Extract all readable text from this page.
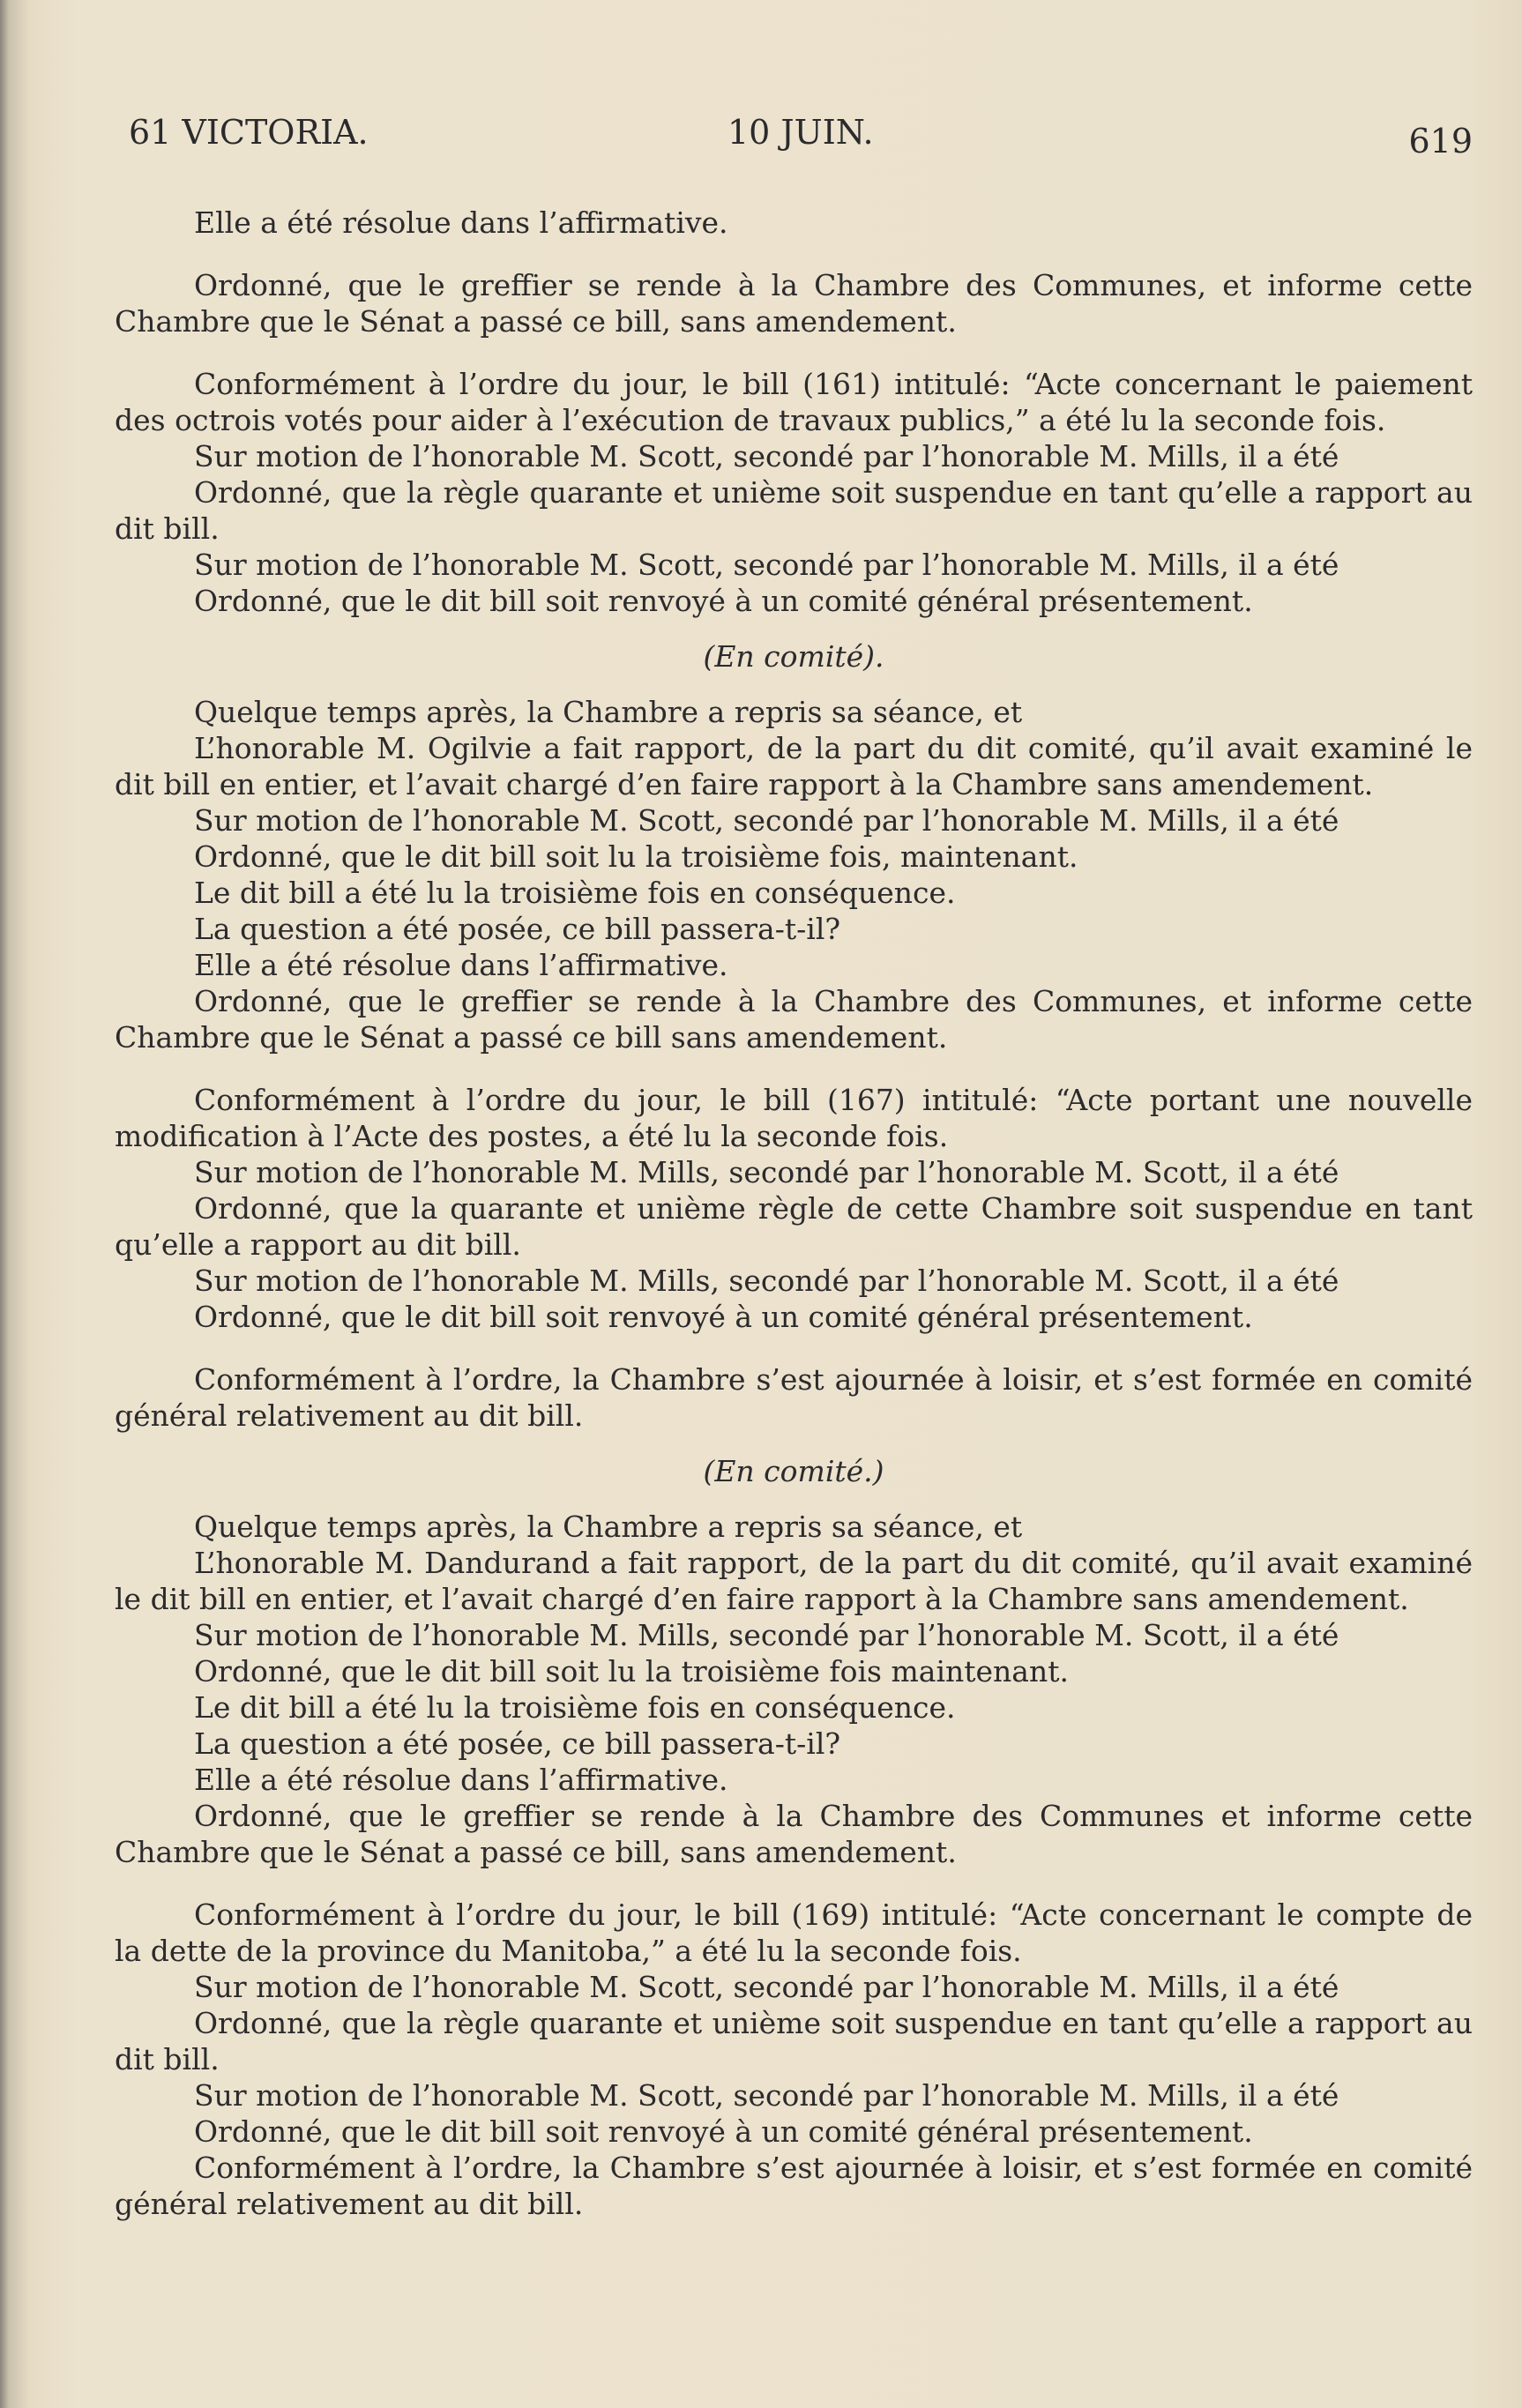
61 VICTORIA.	10 JUIN.	619

Elle a été résolue dans l’affirmative.

Ordonné, que le greffier se rende à la Chambre des Communes, et informe cette Chambre que le Sénat a passé ce bill, sans amendement.

Conformément à l’ordre du jour, le bill (161) intitulé: “Acte concernant le paiement des octrois votés pour aider à l’exécution de travaux publics,” a été lu la seconde fois.

Sur motion de l’honorable M. Scott, secondé par l’honorable M. Mills, il a été

Ordonné, que la règle quarante et unième soit suspendue en tant qu’elle a rapport au dit bill.

Sur motion de l’honorable M. Scott, secondé par l’honorable M. Mills, il a été

Ordonné, que le dit bill soit renvoyé à un comité général présentement.

(En comité).

Quelque temps après, la Chambre a repris sa séance, et

L’honorable M. Ogilvie a fait rapport, de la part du dit comité, qu’il avait examiné le dit bill en entier, et l’avait chargé d’en faire rapport à la Chambre sans amendement.

Sur motion de l’honorable M. Scott, secondé par l’honorable M. Mills, il a été

Ordonné, que le dit bill soit lu la troisième fois, maintenant.

Le dit bill a été lu la troisième fois en conséquence.

La question a été posée, ce bill passera-t-il?

Elle a été résolue dans l’affirmative.

Ordonné, que le greffier se rende à la Chambre des Communes, et informe cette Chambre que le Sénat a passé ce bill sans amendement.

Conformément à l’ordre du jour, le bill (167) intitulé: “Acte portant une nouvelle modification à l’Acte des postes, a été lu la seconde fois.

Sur motion de l’honorable M. Mills, secondé par l’honorable M. Scott, il a été

Ordonné, que la quarante et unième règle de cette Chambre soit suspendue en tant qu’elle a rapport au dit bill.

Sur motion de l’honorable M. Mills, secondé par l’honorable M. Scott, il a été

Ordonné, que le dit bill soit renvoyé à un comité général présentement.

Conformément à l’ordre, la Chambre s’est ajournée à loisir, et s’est formée en comité général relativement au dit bill.

(En comité.)

Quelque temps après, la Chambre a repris sa séance, et

L’honorable M. Dandurand a fait rapport, de la part du dit comité, qu’il avait examiné le dit bill en entier, et l’avait chargé d’en faire rapport à la Chambre sans amendement.

Sur motion de l’honorable M. Mills, secondé par l’honorable M. Scott, il a été

Ordonné, que le dit bill soit lu la troisième fois maintenant.

Le dit bill a été lu la troisième fois en conséquence.

La question a été posée, ce bill passera-t-il?

Elle a été résolue dans l’affirmative.

Ordonné, que le greffier se rende à la Chambre des Communes et informe cette Chambre que le Sénat a passé ce bill, sans amendement.

Conformément à l’ordre du jour, le bill (169) intitulé: “Acte concernant le compte de la dette de la province du Manitoba,” a été lu la seconde fois.

Sur motion de l’honorable M. Scott, secondé par l’honorable M. Mills, il a été

Ordonné, que la règle quarante et unième soit suspendue en tant qu’elle a rapport au dit bill.

Sur motion de l’honorable M. Scott, secondé par l’honorable M. Mills, il a été

Ordonné, que le dit bill soit renvoyé à un comité général présentement.

Conformément à l’ordre, la Chambre s’est ajournée à loisir, et s’est formée en comité général relativement au dit bill.
